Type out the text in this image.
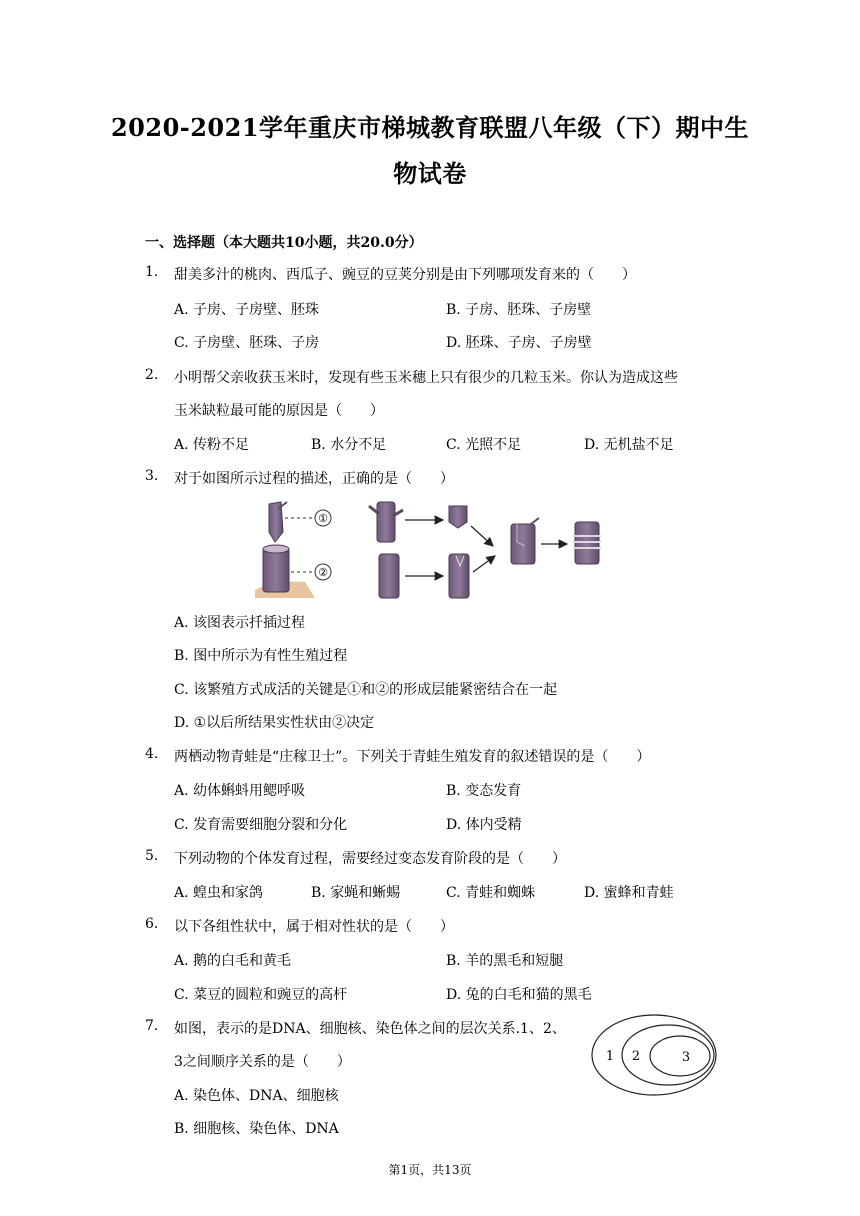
2020-2021学年重庆市梯城教育联盟八年级（下）期中生
物试卷
一、选择题（本大题共10小题，共20.0分）
1. 甜美多汁的桃肉、西瓜子、豌豆的豆荚分别是由下列哪项发育来的（　　）
A. 子房、子房壁、胚珠	B. 子房、胚珠、子房壁
C. 子房壁、胚珠、子房	D. 胚珠、子房、子房壁
2. 小明帮父亲收获玉米时，发现有些玉米穗上只有很少的几粒玉米。你认为造成这些
玉米缺粒最可能的原因是（　　）
A. 传粉不足	B. 水分不足	C. 光照不足	D. 无机盐不足
3. 对于如图所示过程的描述，正确的是（　　）
①
②
A. 该图表示扦插过程
B. 图中所示为有性生殖过程
C. 该繁殖方式成活的关键是①和②的形成层能紧密结合在一起
D. ①以后所结果实性状由②决定
4. 两栖动物青蛙是“庄稼卫士”。下列关于青蛙生殖发育的叙述错误的是（　　）
A. 幼体蝌蚪用鳃呼吸	B. 变态发育
C. 发育需要细胞分裂和分化	D. 体内受精
5. 下列动物的个体发育过程，需要经过变态发育阶段的是（　　）
A. 蝗虫和家鸽	B. 家蝇和蜥蜴	C. 青蛙和蜘蛛	D. 蜜蜂和青蛙
6. 以下各组性状中，属于相对性状的是（　　）
A. 鹅的白毛和黄毛	B. 羊的黑毛和短腿
C. 菜豆的圆粒和豌豆的高杆	D. 兔的白毛和猫的黑毛
7. 如图，表示的是DNA、细胞核、染色体之间的层次关系.1、2、
3之间顺序关系的是（　　）	1 2	3
A. 染色体、DNA、细胞核
B. 细胞核、染色体、DNA
第1页，共13页
